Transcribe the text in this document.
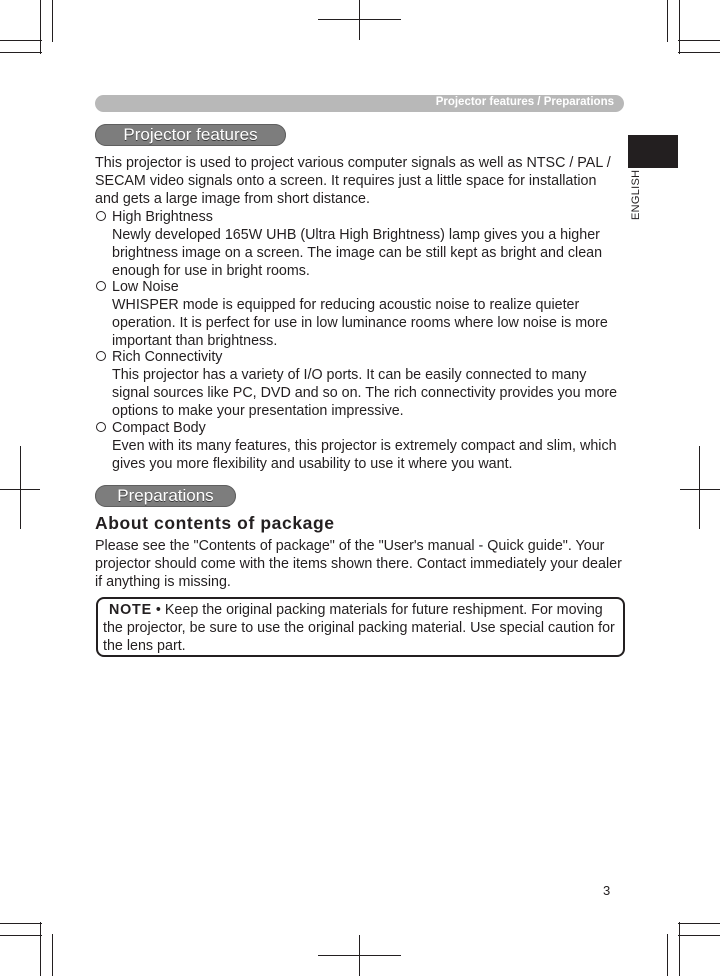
Projector features / Preparations
ENGLISH
Projector features

This projector is used to project various computer signals as well as NTSC / PAL / SECAM video signals onto a screen. It requires just a little space for installation and gets a large image from short distance.

High Brightness

Newly developed 165W UHB (Ultra High Brightness) lamp gives you a higher brightness image on a screen. The image can be still kept as bright and clean enough for use in bright rooms.

Low Noise

WHISPER mode is equipped for reducing acoustic noise to realize quieter operation. It is perfect for use in low luminance rooms where low noise is more important than brightness.

Rich Connectivity

This projector has a variety of I/O ports. It can be easily connected to many signal sources like PC, DVD and so on. The rich connectivity provides you more options to make your presentation impressive.

Compact Body

Even with its many features, this projector is extremely compact and slim, which gives you more flexibility and usability to use it where you want.

Preparations
About contents of package

Please see the "Contents of package" of the "User's manual - Quick guide". Your projector should come with the items shown there. Contact immediately your dealer if anything is missing.

NOTE • Keep the original packing materials for future reshipment. For moving the projector, be sure to use the original packing material. Use special caution for the lens part.

3
